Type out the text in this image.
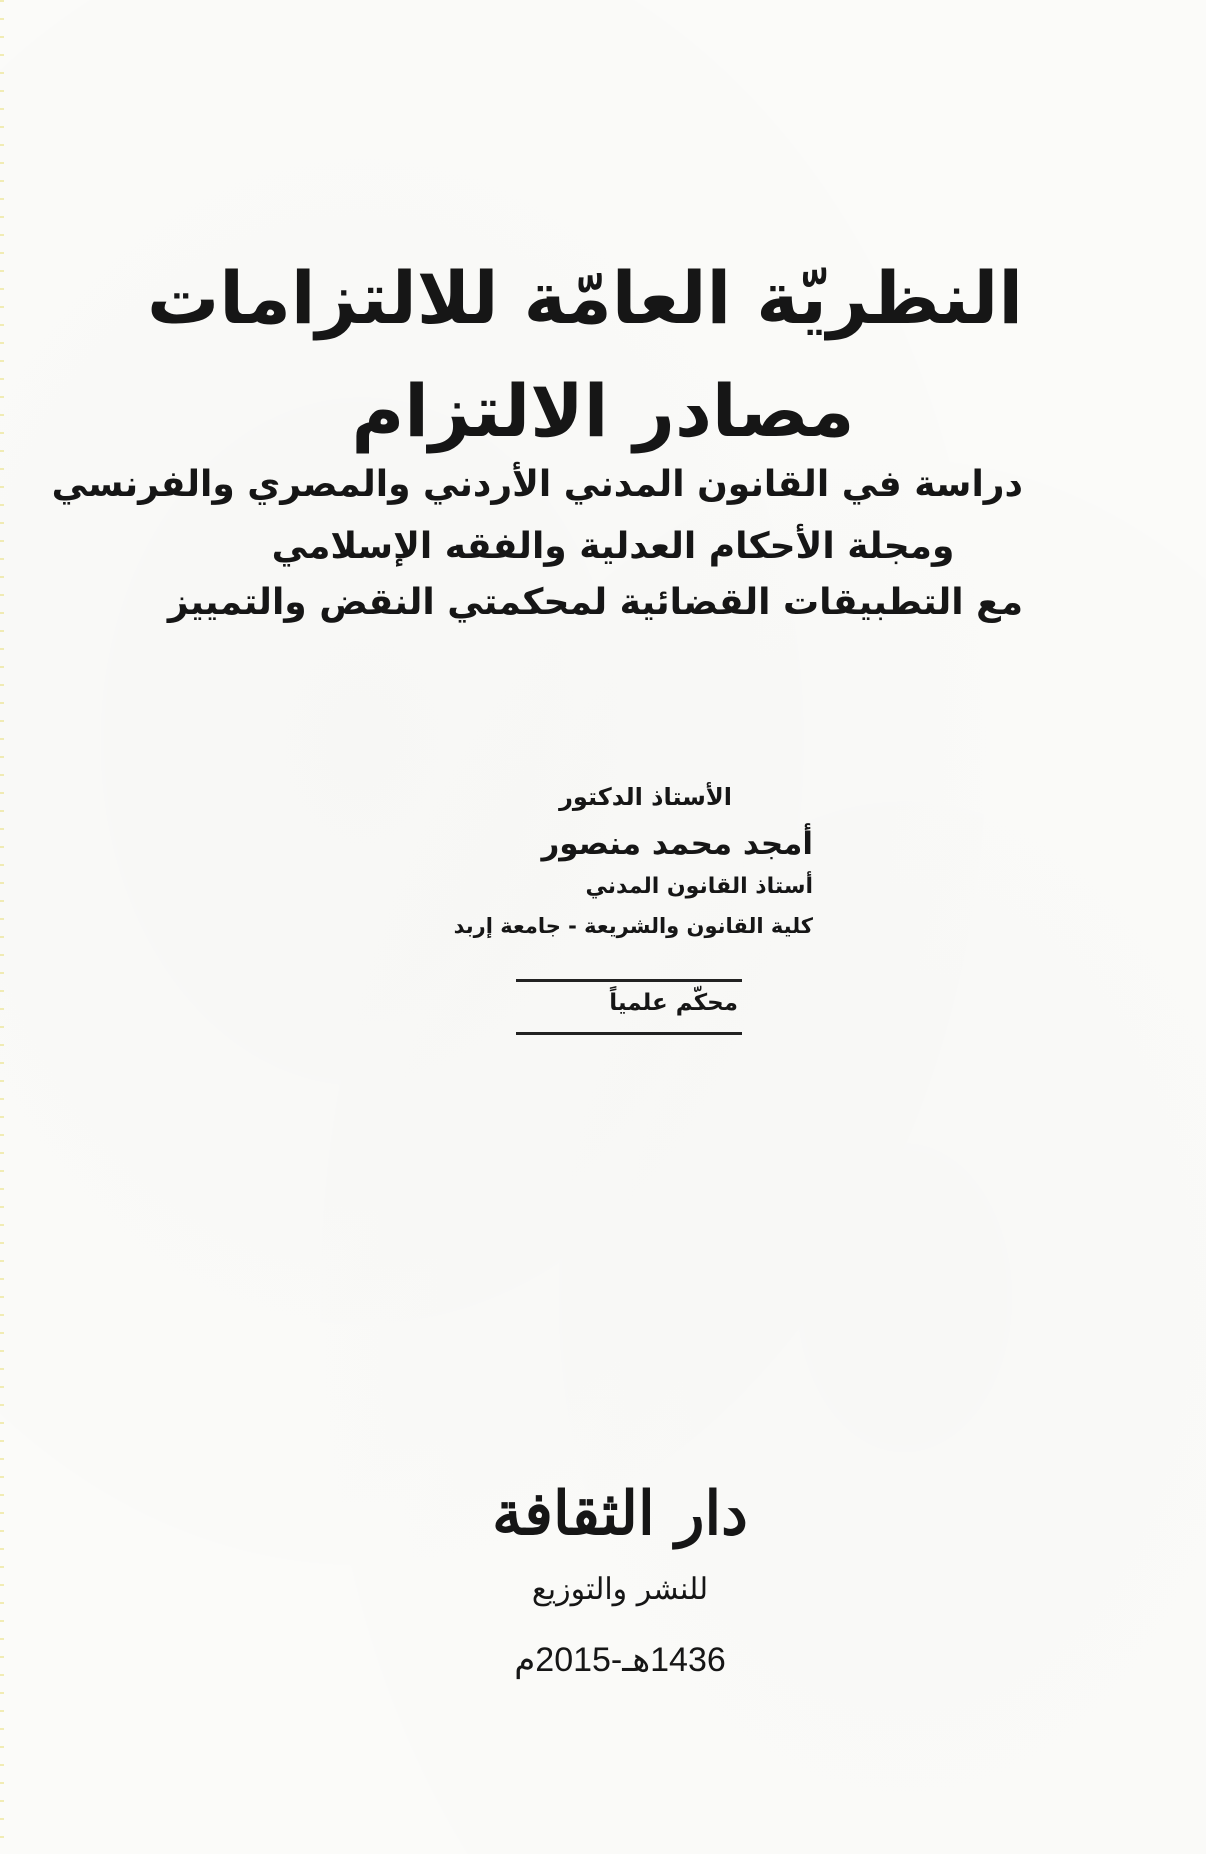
النظريّة العامّة للالتزامات
مصادر الالتزام
دراسة في القانون المدني الأردني والمصري والفرنسي
ومجلة الأحكام العدلية والفقه الإسلامي
مع التطبيقات القضائية لمحكمتي النقض والتمييز
الأستاذ الدكتور
أمجد محمد منصور
أستاذ القانون المدني
كلية القانون والشريعة - جامعة إربد
محكّم علمياً
دار الثقافة
للنشر والتوزيع
1436هـ-2015م
